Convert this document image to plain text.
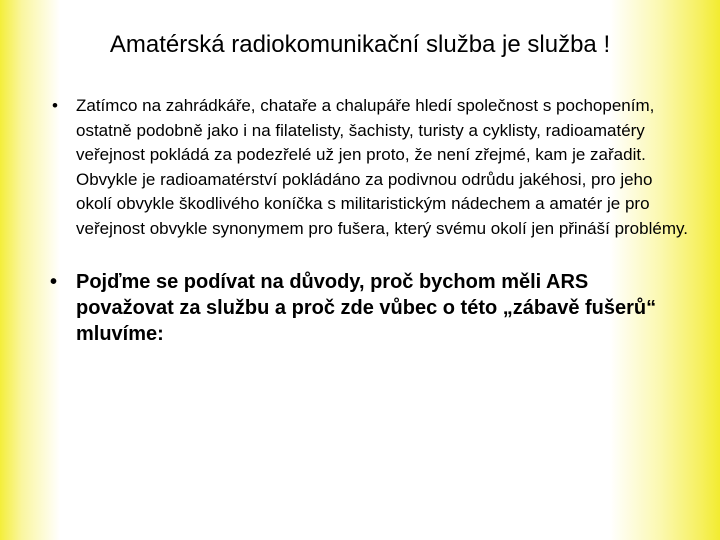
Amatérská radiokomunikační služba je služba !
• Zatímco na zahrádkáře, chataře a chalupáře hledí společnost s pochopením, ostatně podobně jako i na filatelisty, šachisty, turisty a cyklisty, radioamatéry veřejnost pokládá za podezřelé už jen proto, že není zřejmé, kam je zařadit. Obvykle je radioamatérství pokládáno za podivnou odrůdu jakéhosi, pro jeho okolí obvykle škodlivého koníčka s militaristickým nádechem a amatér je pro veřejnost obvykle synonymem pro fušera, který svému okolí jen přináší problémy.
• Pojďme se podívat na důvody, proč bychom měli ARS považovat za službu a proč zde vůbec o této „zábavě fušerů“ mluvíme:
